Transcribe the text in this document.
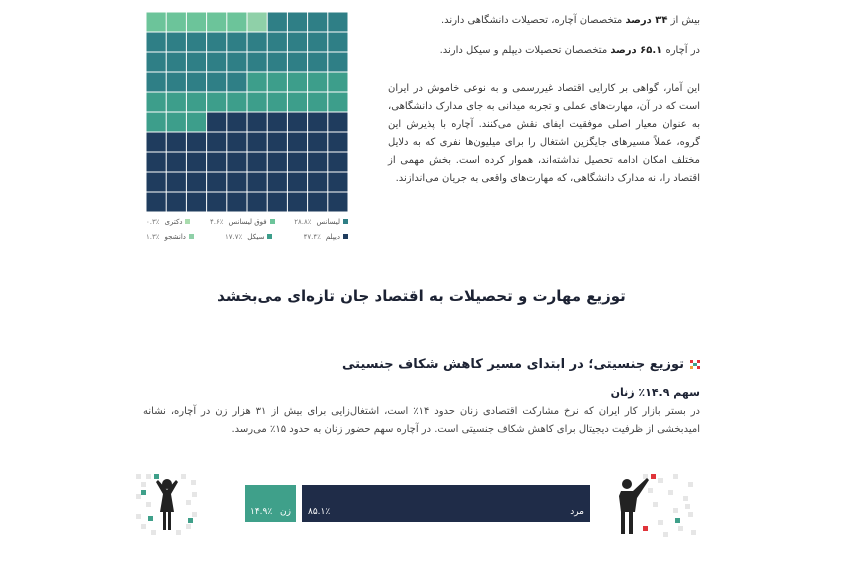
لیسانس
۲۸.۸٪
فوق لیسانس
۴.۶٪
دکتری
۰.۳٪
دیپلم
۴۷.۴٪
سیکل
۱۷.۷٪
دانشجو
۱.۳٪

بیش از ۳۴ درصد متخصصان آچاره، تحصیلات دانشگاهی دارند.

در آچاره ۶۵.۱ درصد متخصصان تحصیلات دیپلم و سیکل دارند.

این آمار، گواهی بر کارایی اقتصاد غیررسمی و به نوعی خاموش در ایران است که در آن، مهارت‌های عملی و تجربه میدانی به جای مدارک دانشگاهی، به عنوان معیار اصلی موفقیت ایفای نقش می‌کنند. آچاره با پذیرش این گروه، عملاً مسیرهای جایگزین اشتغال را برای میلیون‌ها نفری که به دلایل مختلف امکان ادامه تحصیل نداشته‌اند، هموار کرده است. بخش مهمی از اقتصاد را، نه مدارک دانشگاهی، که مهارت‌های واقعی به جریان می‌اندازند.

توزیع مهارت و تحصیلات به اقتصاد جان تازه‌ای می‌بخشد
توزیع جنسیتی؛ در ابتدای مسیر کاهش شکاف جنسیتی
سهم ۱۴.۹٪ زنان
در بستر بازار کار ایران که نرخ مشارکت اقتصادی زنان حدود ۱۴٪ است، اشتغال‌زایی برای بیش از ۳۱ هزار زن در آچاره، نشانه امیدبخشی از ظرفیت دیجیتال برای کاهش شکاف جنسیتی است. در آچاره سهم حضور زنان به حدود ۱۵٪ می‌رسد.
۱۴.۹٪ زن ۸۵.۱٪	مرد
